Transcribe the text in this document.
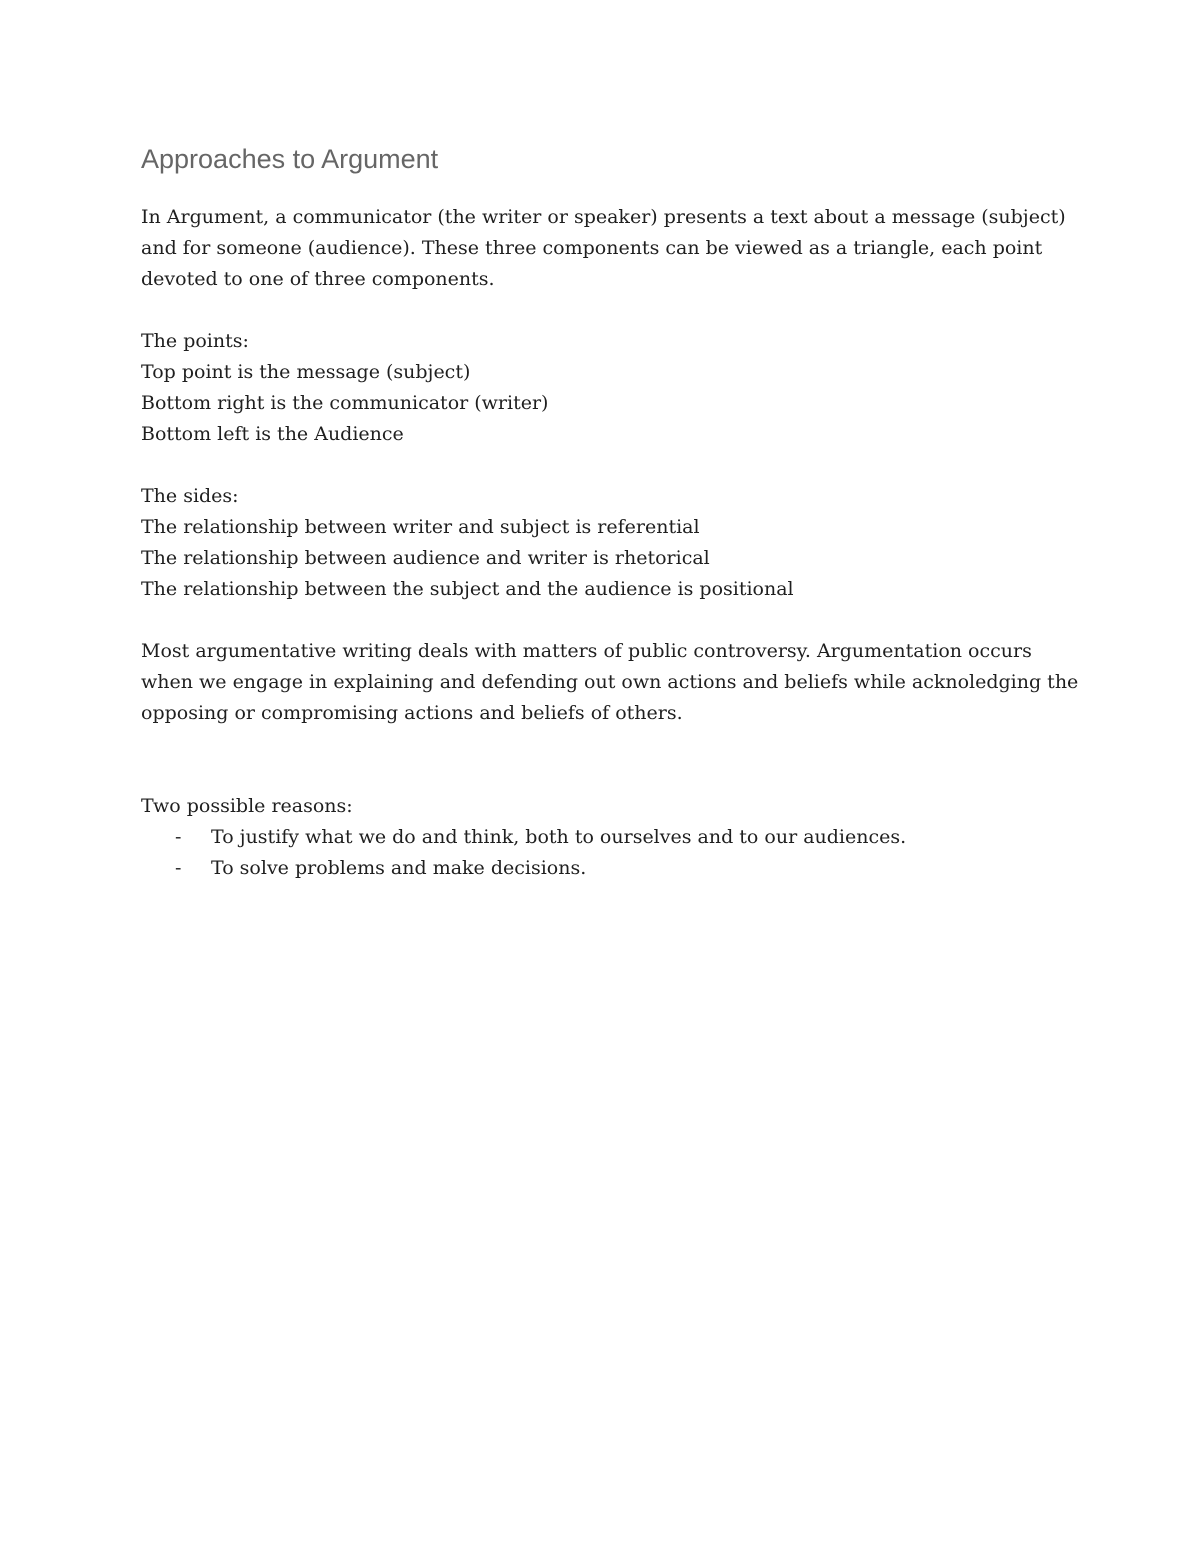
Approaches to Argument

In Argument, a communicator (the writer or speaker) presents a text about a message (subject)
and for someone (audience). These three components can be viewed as a triangle, each point
devoted to one of three components.

The points:
Top point is the message (subject)
Bottom right is the communicator (writer)
Bottom left is the Audience

The sides:
The relationship between writer and subject is referential
The relationship between audience and writer is rhetorical
The relationship between the subject and the audience is positional

Most argumentative writing deals with matters of public controversy. Argumentation occurs
when we engage in explaining and defending out own actions and beliefs while acknoledging the
opposing or compromising actions and beliefs of others.

Two possible reasons:
- To justify what we do and think, both to ourselves and to our audiences.
- To solve problems and make decisions.
